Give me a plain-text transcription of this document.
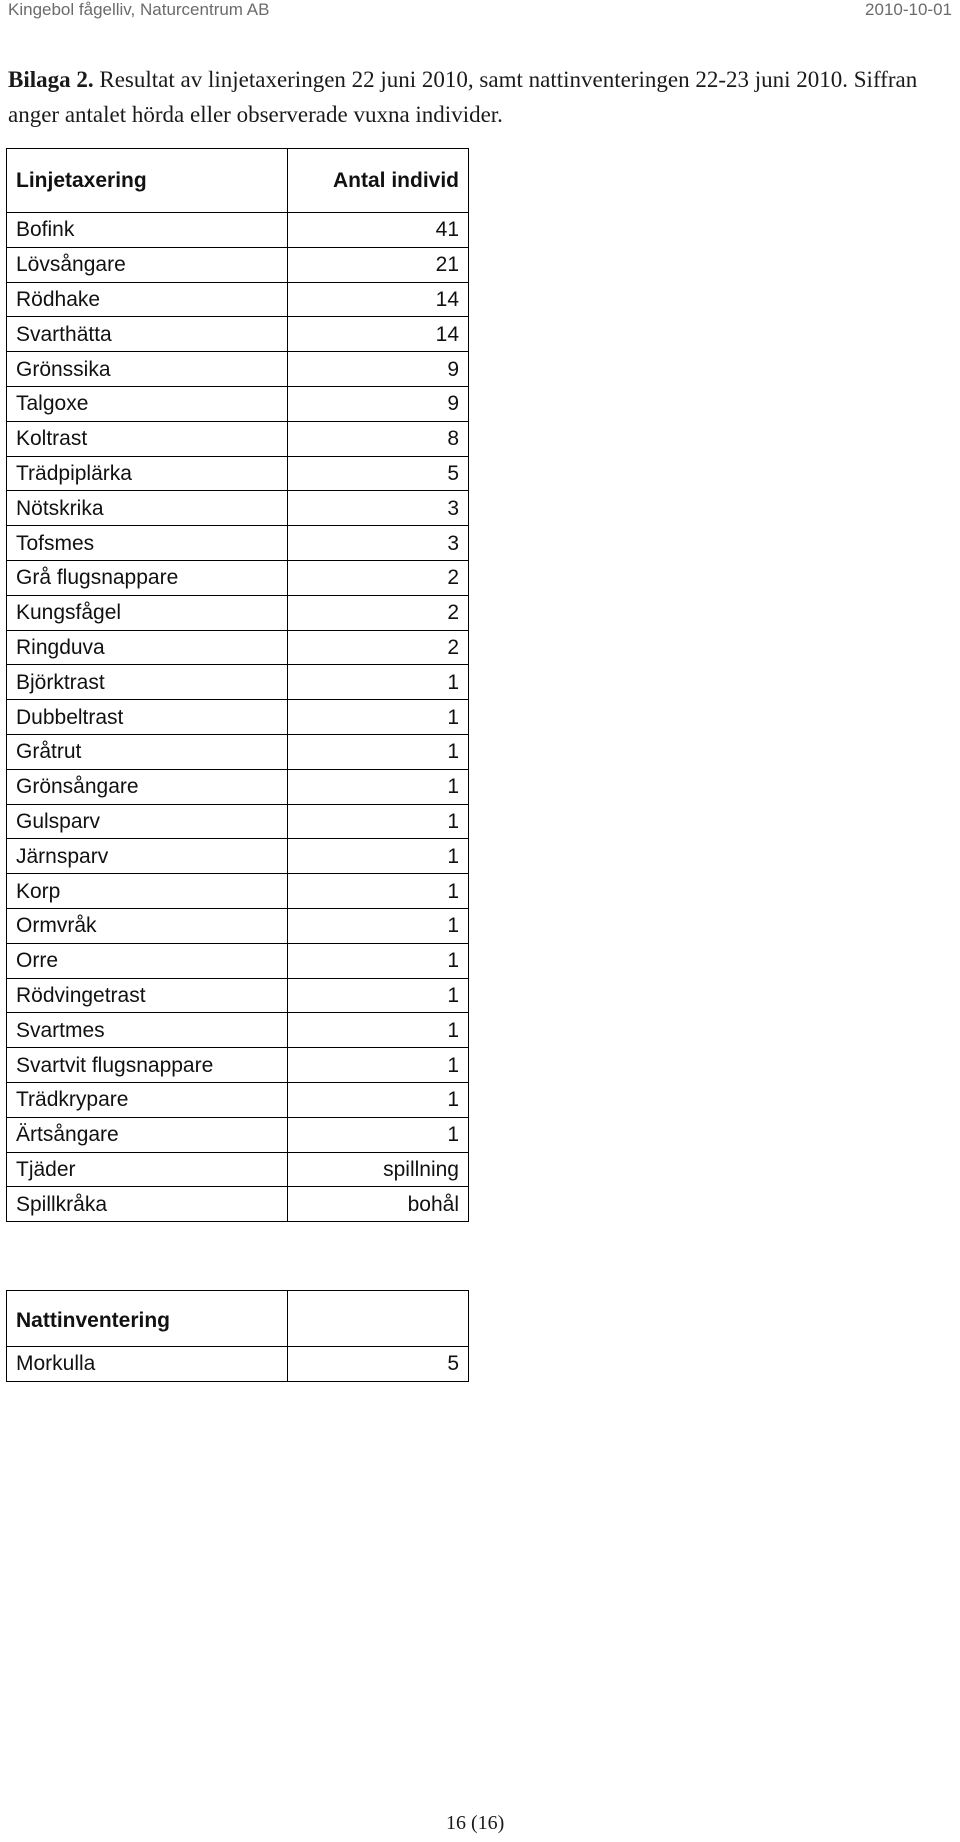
Kingebol fågelliv, Naturcentrum AB	2010-10-01
Bilaga 2. Resultat av linjetaxeringen 22 juni 2010, samt nattinventeringen 22-23 juni 2010. Siffran anger antalet hörda eller observerade vuxna individer.
Linjetaxering	Antal individ
Bofink	41
Lövsångare	21
Rödhake	14
Svarthätta	14
Grönssika	9
Talgoxe	9
Koltrast	8
Trädpiplärka	5
Nötskrika	3
Tofsmes	3
Grå flugsnappare	2
Kungsfågel	2
Ringduva	2
Björktrast	1
Dubbeltrast	1
Gråtrut	1
Grönsångare	1
Gulsparv	1
Järnsparv	1
Korp	1
Ormvråk	1
Orre	1
Rödvingetrast	1
Svartmes	1
Svartvit flugsnappare	1
Trädkrypare	1
Ärtsångare	1
Tjäder	spillning
Spillkråka	bohål
Nattinventering	
Morkulla	5
16 (16)
